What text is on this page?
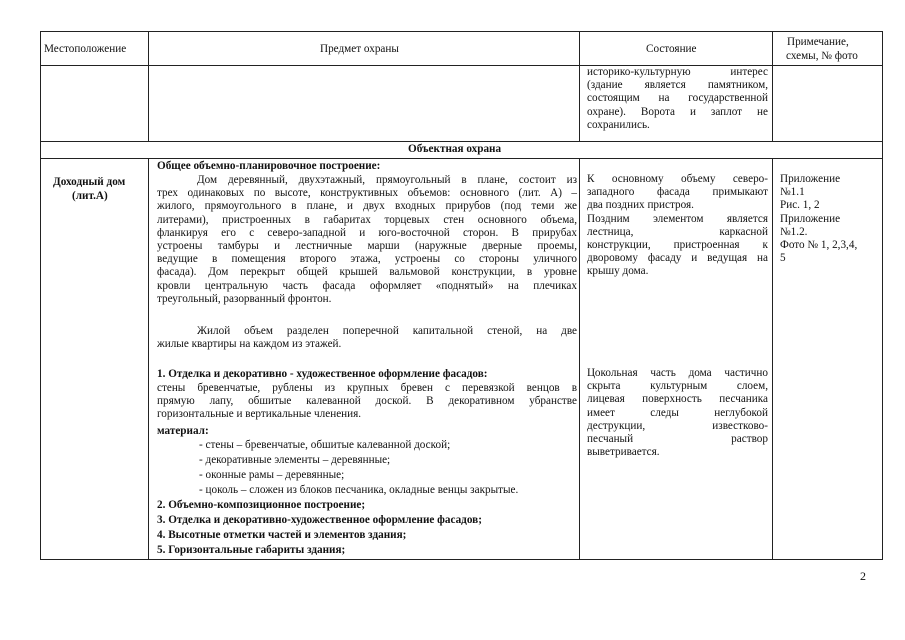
Местоположение	Предмет охраны	Состояние
Примечание,
схемы, № фото
историко-культурную интерес
(здание является памятником,
состоящим на государственной
охране). Ворота и заплот не
сохранились.
Объектная охрана
Доходный дом
(лит.А)
Общее объемно-планировочное построение:
Дом деревянный, двухэтажный, прямоугольный в плане, состоит из
трех одинаковых по высоте, конструктивных объемов: основного (лит. А) –
жилого, прямоугольного в плане, и двух входных прирубов (под теми же
литерами), пристроенных в габаритах торцевых стен основного объема,
фланкируя его с северо-западной и юго-восточной сторон. В прирубах
устроены тамбуры и лестничные марши (наружные дверные проемы,
ведущие в помещения второго этажа, устроены со стороны уличного
фасада). Дом перекрыт общей крышей вальмовой конструкции, в уровне
кровли центральную часть фасада оформляет «поднятый» на плечиках
треугольный, разорванный фронтон.
Жилой объем разделен поперечной капитальной стеной, на две
жилые квартиры на каждом из этажей.
1. Отделка и декоративно - художественное оформление фасадов:
стены бревенчатые, рублены из крупных бревен с перевязкой венцов в
прямую лапу, обшитые калеванной доской. В декоративном убранстве
горизонтальные и вертикальные членения.
материал:
- стены – бревенчатые, обшитые калеванной доской;
- декоративные элементы – деревянные;
- оконные рамы – деревянные;
- цоколь – сложен из блоков песчаника, окладные венцы закрытые.
2. Объемно-композиционное построение;
3. Отделка и декоративно-художественное оформление фасадов;
4. Высотные отметки частей и элементов здания;
5. Горизонтальные габариты здания;
К основному объему северо-
западного фасада примыкают
два поздних пристроя.
Поздним элементом является
лестница, каркасной
конструкции, пристроенная к
дворовому фасаду и ведущая на
крышу дома.
Цокольная часть дома частично
скрыта культурным слоем,
лицевая поверхность песчаника
имеет следы неглубокой
деструкции, известково-
песчаный раствор
выветривается.
Приложение
№1.1
Рис. 1, 2
Приложение
№1.2.
Фото № 1, 2,3,4,
5
2
